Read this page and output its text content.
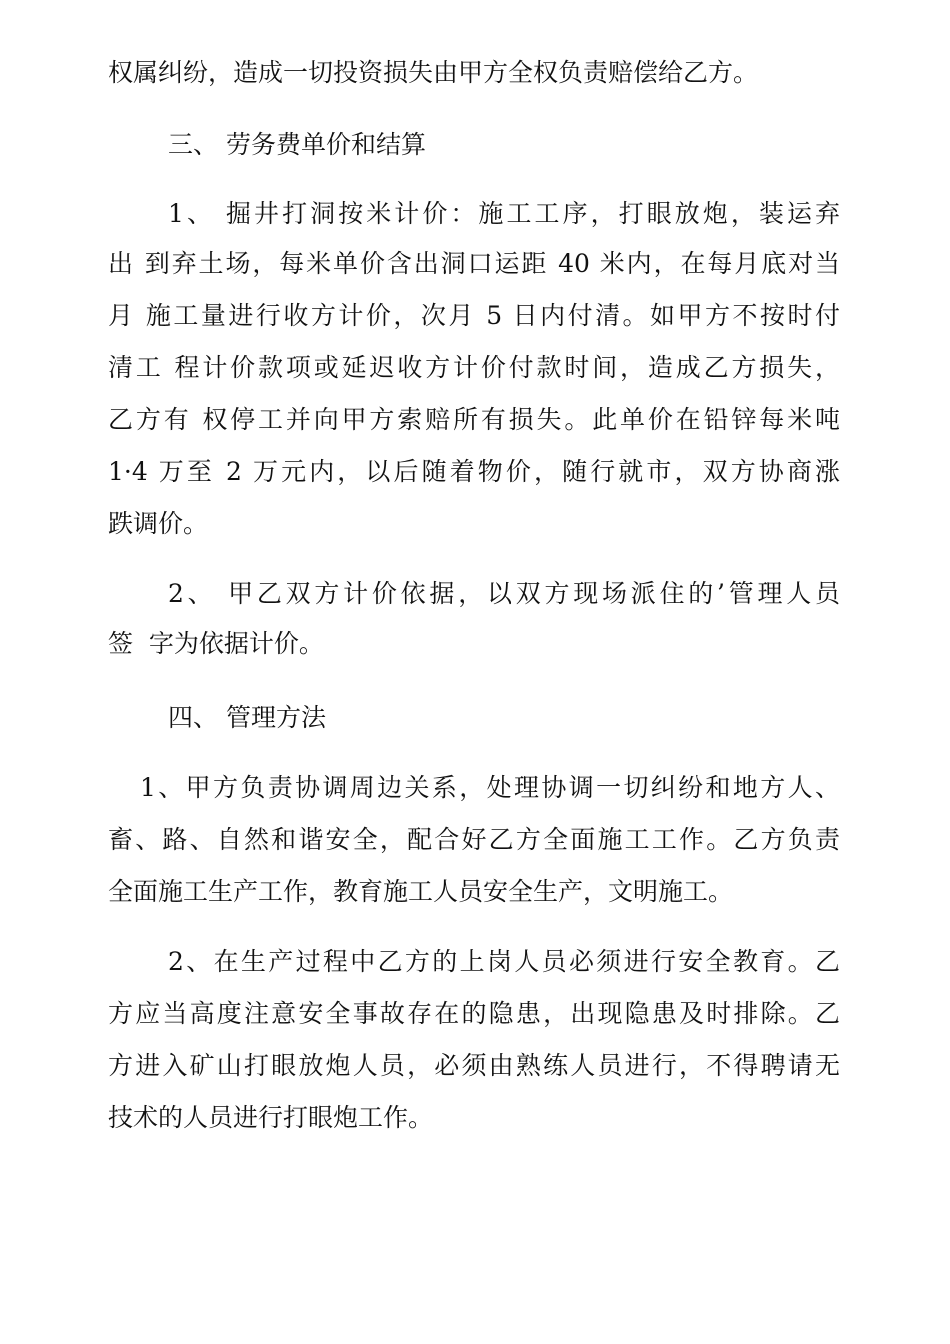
权属纠纷，造成一切投资损失由甲方全权负责赔偿给乙方。
三、 劳务费单价和结算
1、 掘井打洞按米计价：施工工序，打眼放炮，装运弃
出 到弃土场，每米单价含出洞口运距 40 米内，在每月底对当
月 施工量进行收方计价，次月 5 日内付清。如甲方不按时付
清工 程计价款项或延迟收方计价付款时间，造成乙方损失，
乙方有 权停工并向甲方索赔所有损失。此单价在铅锌每米吨
1·4 万至 2 万元内，以后随着物价，随行就市，双方协商涨
跌调价。
2、 甲乙双方计价依据，以双方现场派住的’管理人员
签  字为依据计价。
四、 管理方法
1、甲方负责协调周边关系，处理协调一切纠纷和地方人、
畜、路、自然和谐安全，配合好乙方全面施工工作。乙方负责
全面施工生产工作，教育施工人员安全生产，文明施工。
2、在生产过程中乙方的上岗人员必须进行安全教育。乙
方应当高度注意安全事故存在的隐患，出现隐患及时排除。乙
方进入矿山打眼放炮人员，必须由熟练人员进行，不得聘请无
技术的人员进行打眼炮工作。
